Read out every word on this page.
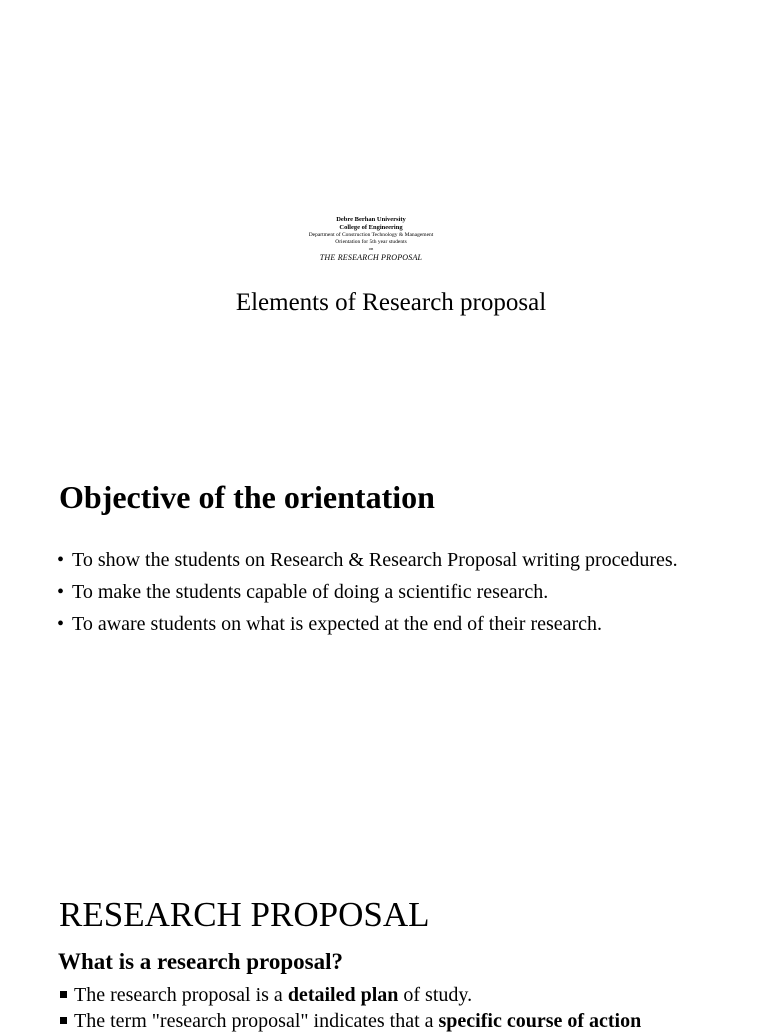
Debre Berhan University
College of Engineering
Department of Construction Technology & Management
Orientation for 5th year students
on
THE RESEARCH PROPOSAL
Elements of Research proposal
Objective of the orientation
• To show the students on Research & Research Proposal writing procedures.
• To make the students capable of doing a scientific research.
• To aware students on what is expected at the end of their research.
RESEARCH PROPOSAL
What is a research proposal?
The research proposal is a detailed plan of study.
The term "research proposal" indicates that a specific course of action
